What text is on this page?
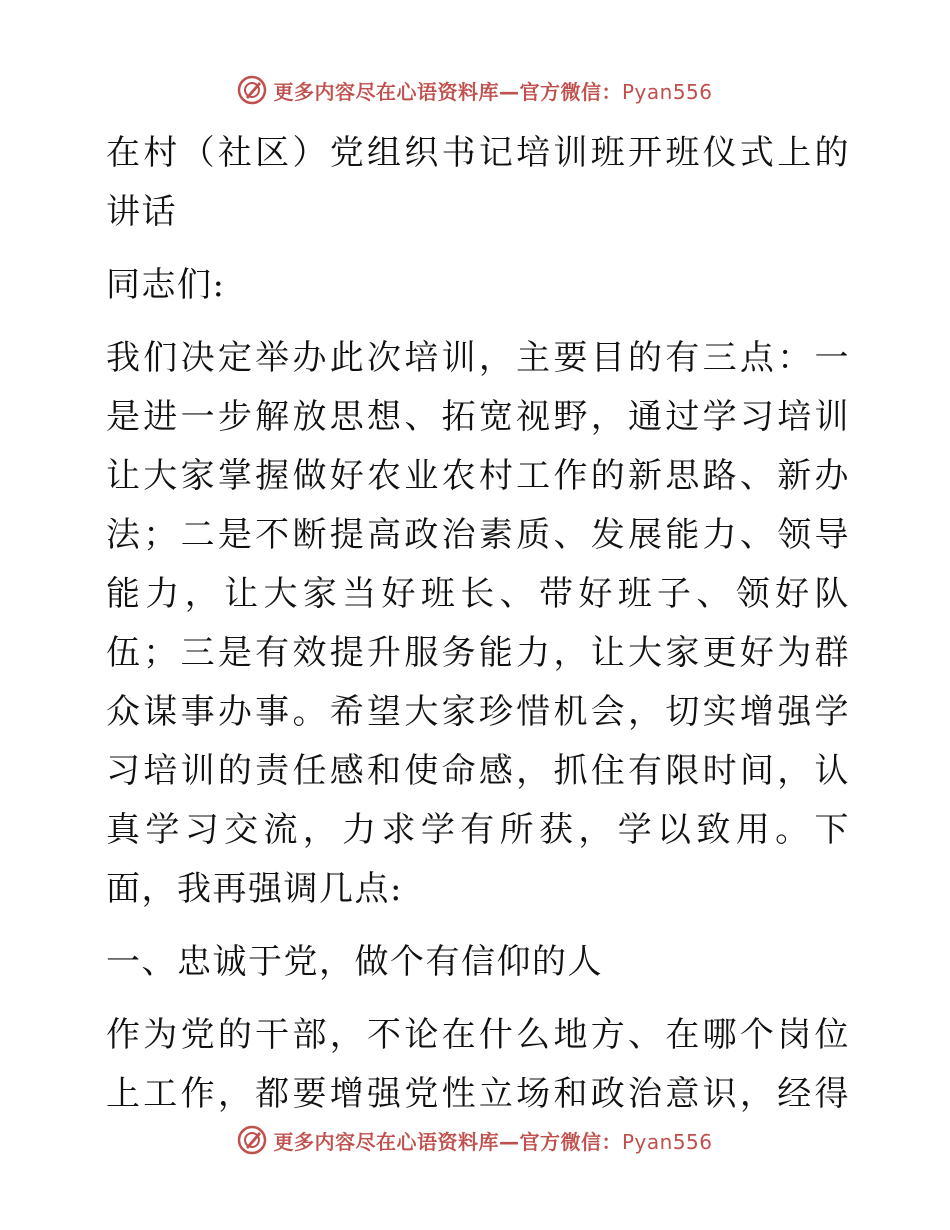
更多内容尽在心语资料库—官方微信：Pyan556

在村（社区）党组织书记培训班开班仪式上的讲话

同志们:

我们决定举办此次培训，主要目的有三点：一是进一步解放思想、拓宽视野，通过学习培训让大家掌握做好农业农村工作的新思路、新办法；二是不断提高政治素质、发展能力、领导能力，让大家当好班长、带好班子、领好队伍；三是有效提升服务能力，让大家更好为群众谋事办事。希望大家珍惜机会，切实增强学习培训的责任感和使命感，抓住有限时间，认真学习交流，力求学有所获，学以致用。下面，我再强调几点:

一、忠诚于党，做个有信仰的人

作为党的干部，不论在什么地方、在哪个岗位上工作，都要增强党性立场和政治意识，经得

更多内容尽在心语资料库—官方微信：Pyan556
